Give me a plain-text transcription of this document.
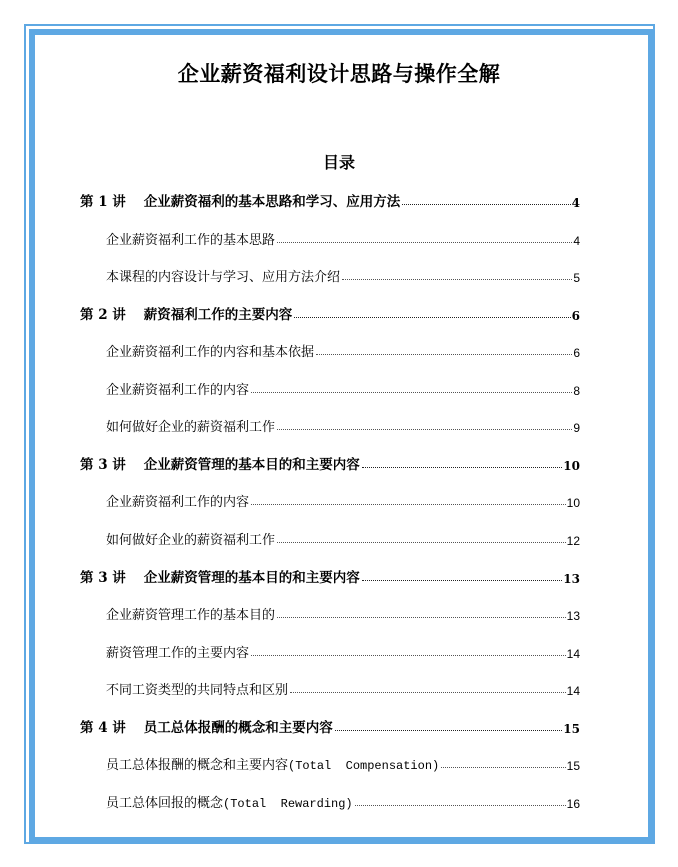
企业薪资福利设计思路与操作全解
目录
第 1 讲 企业薪资福利的基本思路和学习、应用方法	4
企业薪资福利工作的基本思路	4
本课程的内容设计与学习、应用方法介绍	5
第 2 讲 薪资福利工作的主要内容	6
企业薪资福利工作的内容和基本依据	6
企业薪资福利工作的内容	8
如何做好企业的薪资福利工作	9
第 3 讲 企业薪资管理的基本目的和主要内容	10
企业薪资福利工作的内容	10
如何做好企业的薪资福利工作	12
第 3 讲 企业薪资管理的基本目的和主要内容	13
企业薪资管理工作的基本目的	13
薪资管理工作的主要内容	14
不同工资类型的共同特点和区别	14
第 4 讲 员工总体报酬的概念和主要内容	15
员工总体报酬的概念和主要内容 (Total  Compensation)	15
员工总体回报的概念 (Total  Rewarding)	16
